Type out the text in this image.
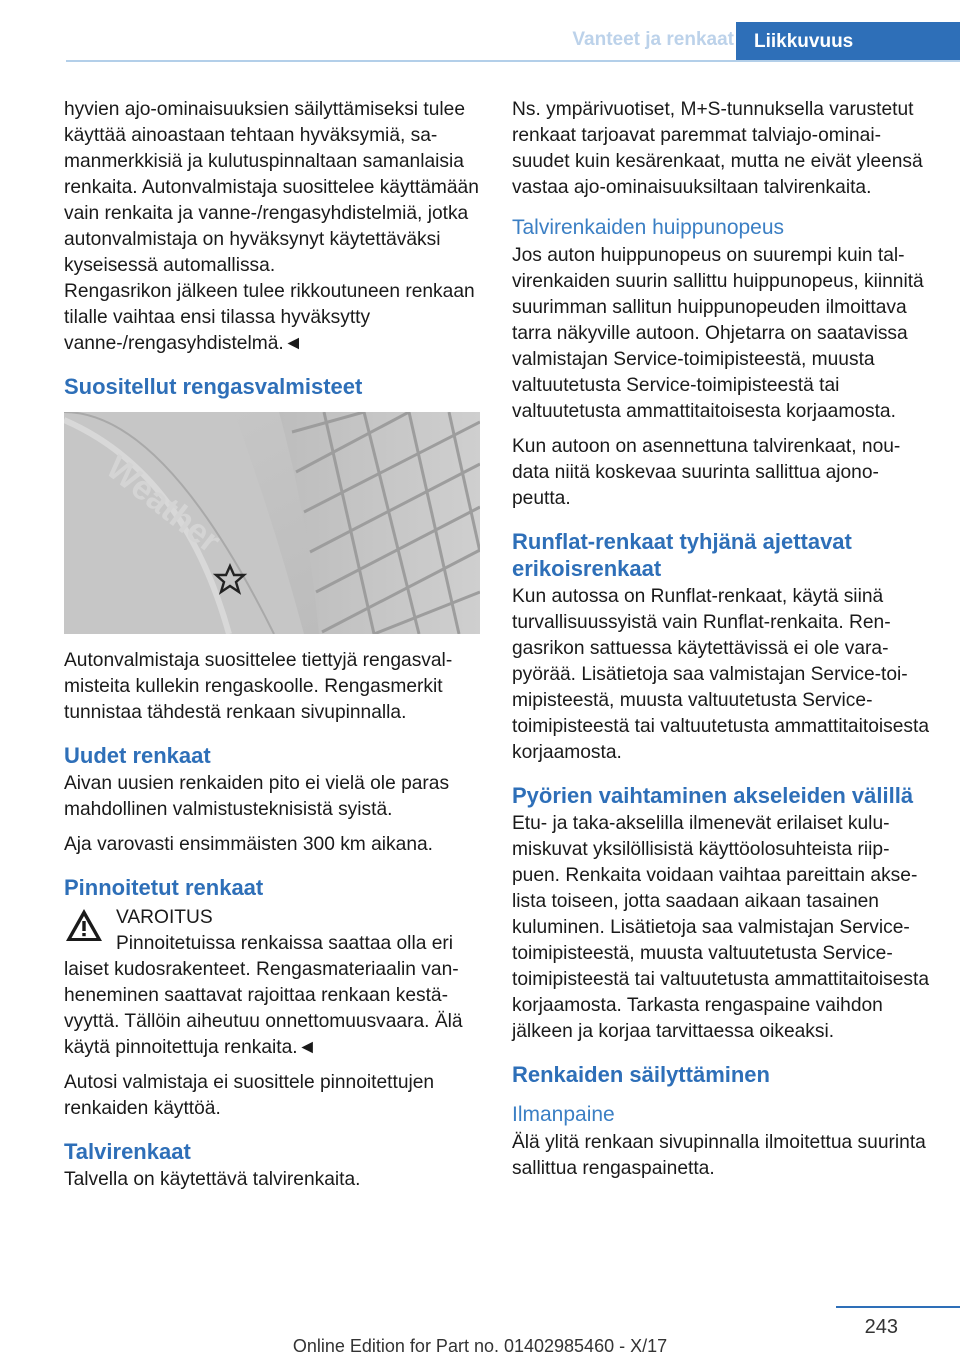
Vanteet ja renkaat	Liikkuvuus

hyvien ajo-ominaisuuksien säilyttämiseksi tulee käyttää ainoastaan tehtaan hyväksymiä, samanmerkkisiä ja kulutuspinnaltaan samanlaisia renkaita. Autonvalmistaja suosittelee käyttämään vain renkaita ja vanne-/rengasyhdistelmiä, jotka autonvalmistaja on hyväksynyt käytettäväksi kyseisessä automallissa.

Rengasrikon jälkeen tulee rikkoutuneen renkaan tilalle vaihtaa ensi tilassa hyväksytty vanne-/rengasyhdistelmä.◄

Suositellut rengasvalmisteet
Weather

Autonvalmistaja suosittelee tiettyjä rengasvalmisteita kullekin rengaskoolle. Rengasmerkit tunnistaa tähdestä renkaan sivupinnalla.

Uudet renkaat

Aivan uusien renkaiden pito ei vielä ole paras mahdollinen valmistusteknisistä syistä.

Aja varovasti ensimmäisten 300 km aikana.

Pinnoitetut renkaat
VAROITUS
Pinnoitetuissa renkaissa saattaa olla eri

laiset kudosrakenteet. Rengasmateriaalin vanheneminen saattavat rajoittaa renkaan kestävyyttä. Tällöin aiheutuu onnettomuusvaara. Älä käytä pinnoitettuja renkaita.◄

Autosi valmistaja ei suosittele pinnoitettujen renkaiden käyttöä.

Talvirenkaat

Talvella on käytettävä talvirenkaita.

Ns. ympärivuotiset, M+S-tunnuksella varustetut renkaat tarjoavat paremmat talviajo-ominaisuudet kuin kesärenkaat, mutta ne eivät yleensä vastaa ajo-ominaisuuksiltaan talvirenkaita.

Talvirenkaiden huippunopeus

Jos auton huippunopeus on suurempi kuin talvirenkaiden suurin sallittu huippunopeus, kiinnitä suurimman sallitun huippunopeuden ilmoittava tarra näkyville autoon. Ohjetarra on saatavissa valmistajan Service-toimipisteestä, muusta valtuutetusta Service-toimipisteestä tai valtuutetusta ammattitaitoisesta korjaamosta.

Kun autoon on asennettuna talvirenkaat, noudata niitä koskevaa suurinta sallittua ajonopeutta.

Runflat-renkaat tyhjänä ajettavat erikoisrenkaat

Kun autossa on Runflat-renkaat, käytä siinä turvallisuussyistä vain Runflat-renkaita. Rengasrikon sattuessa käytettävissä ei ole varapyörää. Lisätietoja saa valmistajan Service-toimipisteestä, muusta valtuutetusta Service-toimipisteestä tai valtuutetusta ammattitaitoisesta korjaamosta.

Pyörien vaihtaminen akseleiden välillä

Etu- ja taka-akselilla ilmenevät erilaiset kulumiskuvat yksilöllisistä käyttöolosuhteista riippuen. Renkaita voidaan vaihtaa pareittain akselista toiseen, jotta saadaan aikaan tasainen kuluminen. Lisätietoja saa valmistajan Service-toimipisteestä, muusta valtuutetusta Service-toimipisteestä tai valtuutetusta ammattitaitoisesta korjaamosta. Tarkasta rengaspaine vaihdon jälkeen ja korjaa tarvittaessa oikeaksi.

Renkaiden säilyttäminen
Ilmanpaine

Älä ylitä renkaan sivupinnalla ilmoitettua suurinta sallittua rengaspainetta.

243
Online Edition for Part no. 01402985460 - X/17
